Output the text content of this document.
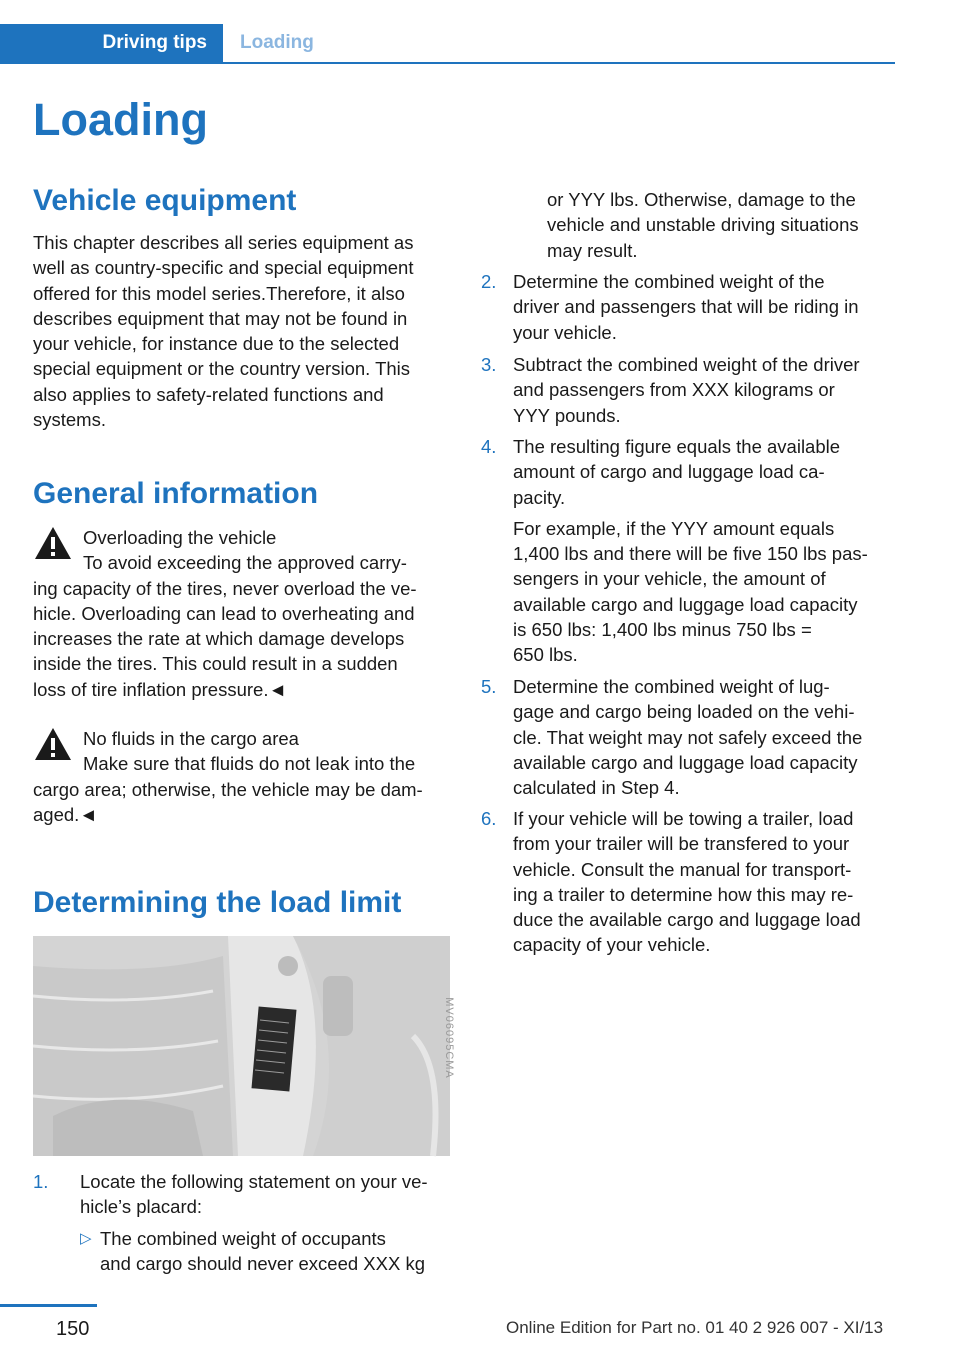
Driving tips	Loading
Loading
Vehicle equipment
This chapter describes all series equipment as
well as country-specific and special equipment
offered for this model series.Therefore, it also
describes equipment that may not be found in
your vehicle, for instance due to the selected
special equipment or the country version. This
also applies to safety-related functions and
systems.
General information
Overloading the vehicle
To avoid exceeding the approved carry-
ing capacity of the tires, never overload the ve-
hicle. Overloading can lead to overheating and
increases the rate at which damage develops
inside the tires. This could result in a sudden
loss of tire inflation pressure.◄
No fluids in the cargo area
Make sure that fluids do not leak into the
cargo area; otherwise, the vehicle may be dam-
aged.◄
Determining the load limit
MV06095CMA
1. Locate the following statement on your ve-
hicle’s placard:
▷ The combined weight of occupants
and cargo should never exceed XXX kg
or YYY lbs. Otherwise, damage to the
vehicle and unstable driving situations
may result.
2. Determine the combined weight of the
driver and passengers that will be riding in
your vehicle.
3. Subtract the combined weight of the driver
and passengers from XXX kilograms or
YYY pounds.
4. The resulting figure equals the available
amount of cargo and luggage load ca-
pacity.
For example, if the YYY amount equals
1,400 lbs and there will be five 150 lbs pas-
sengers in your vehicle, the amount of
available cargo and luggage load capacity
is 650 lbs: 1,400 lbs minus 750 lbs =
650 lbs.
5. Determine the combined weight of lug-
gage and cargo being loaded on the vehi-
cle. That weight may not safely exceed the
available cargo and luggage load capacity
calculated in Step 4.
6. If your vehicle will be towing a trailer, load
from your trailer will be transfered to your
vehicle. Consult the manual for transport-
ing a trailer to determine how this may re-
duce the available cargo and luggage load
capacity of your vehicle.
150	Online Edition for Part no. 01 40 2 926 007 - XI/13
